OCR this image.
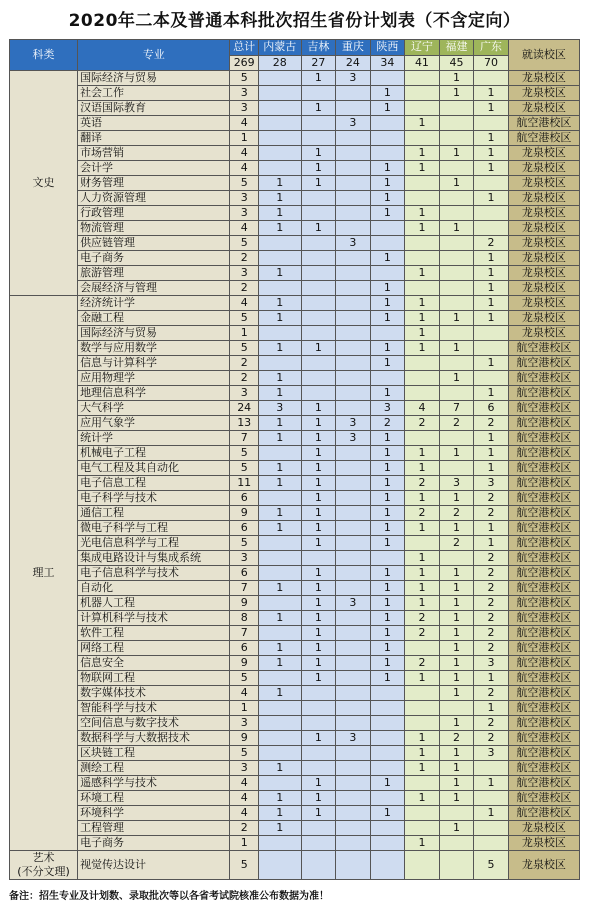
2020年二本及普通本科批次招生省份计划表（不含定向）
科类	专业	总计	内蒙古	吉林	重庆	陕西	辽宁	福建	广东	就读校区
		269	28	27	24	34	41	45	70	
文史	国际经济与贸易	5		1	3			1		龙泉校区
	社会工作	3				1		1	1	龙泉校区
	汉语国际教育	3		1		1			1	龙泉校区
	英语	4			3		1			航空港校区
	翻译	1							1	航空港校区
	市场营销	4		1			1	1	1	龙泉校区
	会计学	4		1		1	1		1	龙泉校区
	财务管理	5	1	1		1		1		龙泉校区
	人力资源管理	3	1			1			1	龙泉校区
	行政管理	3	1			1	1			龙泉校区
	物流管理	4	1	1			1	1		龙泉校区
	供应链管理	5			3				2	龙泉校区
	电子商务	2				1			1	龙泉校区
	旅游管理	3	1				1		1	龙泉校区
	会展经济与管理	2				1			1	龙泉校区
理工	经济统计学	4	1			1	1		1	龙泉校区
	金融工程	5	1			1	1	1	1	龙泉校区
	国际经济与贸易	1					1			龙泉校区
	数学与应用数学	5	1	1		1	1	1		航空港校区
	信息与计算科学	2				1			1	航空港校区
	应用物理学	2	1					1		航空港校区
	地理信息科学	3	1			1			1	航空港校区
	大气科学	24	3	1		3	4	7	6	航空港校区
	应用气象学	13	1	1	3	2	2	2	2	航空港校区
	统计学	7	1	1	3	1			1	航空港校区
	机械电子工程	5		1		1	1	1	1	航空港校区
	电气工程及其自动化	5	1	1		1	1		1	航空港校区
	电子信息工程	11	1	1		1	2	3	3	航空港校区
	电子科学与技术	6		1		1	1	1	2	航空港校区
	通信工程	9	1	1		1	2	2	2	航空港校区
	微电子科学与工程	6	1	1		1	1	1	1	航空港校区
	光电信息科学与工程	5		1		1		2	1	航空港校区
	集成电路设计与集成系统	3					1		2	航空港校区
	电子信息科学与技术	6		1		1	1	1	2	航空港校区
	自动化	7	1	1		1	1	1	2	航空港校区
	机器人工程	9		1	3	1	1	1	2	航空港校区
	计算机科学与技术	8	1	1		1	2	1	2	航空港校区
	软件工程	7		1		1	2	1	2	航空港校区
	网络工程	6	1	1		1		1	2	航空港校区
	信息安全	9	1	1		1	2	1	3	航空港校区
	物联网工程	5		1		1	1	1	1	航空港校区
	数字媒体技术	4	1					1	2	航空港校区
	智能科学与技术	1							1	航空港校区
	空间信息与数字技术	3						1	2	航空港校区
	数据科学与大数据技术	9		1	3		1	2	2	航空港校区
	区块链工程	5					1	1	3	航空港校区
	测绘工程	3	1				1	1		航空港校区
	遥感科学与技术	4		1		1		1	1	航空港校区
	环境工程	4	1	1			1	1		航空港校区
	环境科学	4	1	1		1			1	航空港校区
	工程管理	2	1					1		龙泉校区
	电子商务	1					1			龙泉校区
艺术
(不分文理)	视觉传达设计	5							5	龙泉校区
备注：招生专业及计划数、录取批次等以各省考试院核准公布数据为准！
